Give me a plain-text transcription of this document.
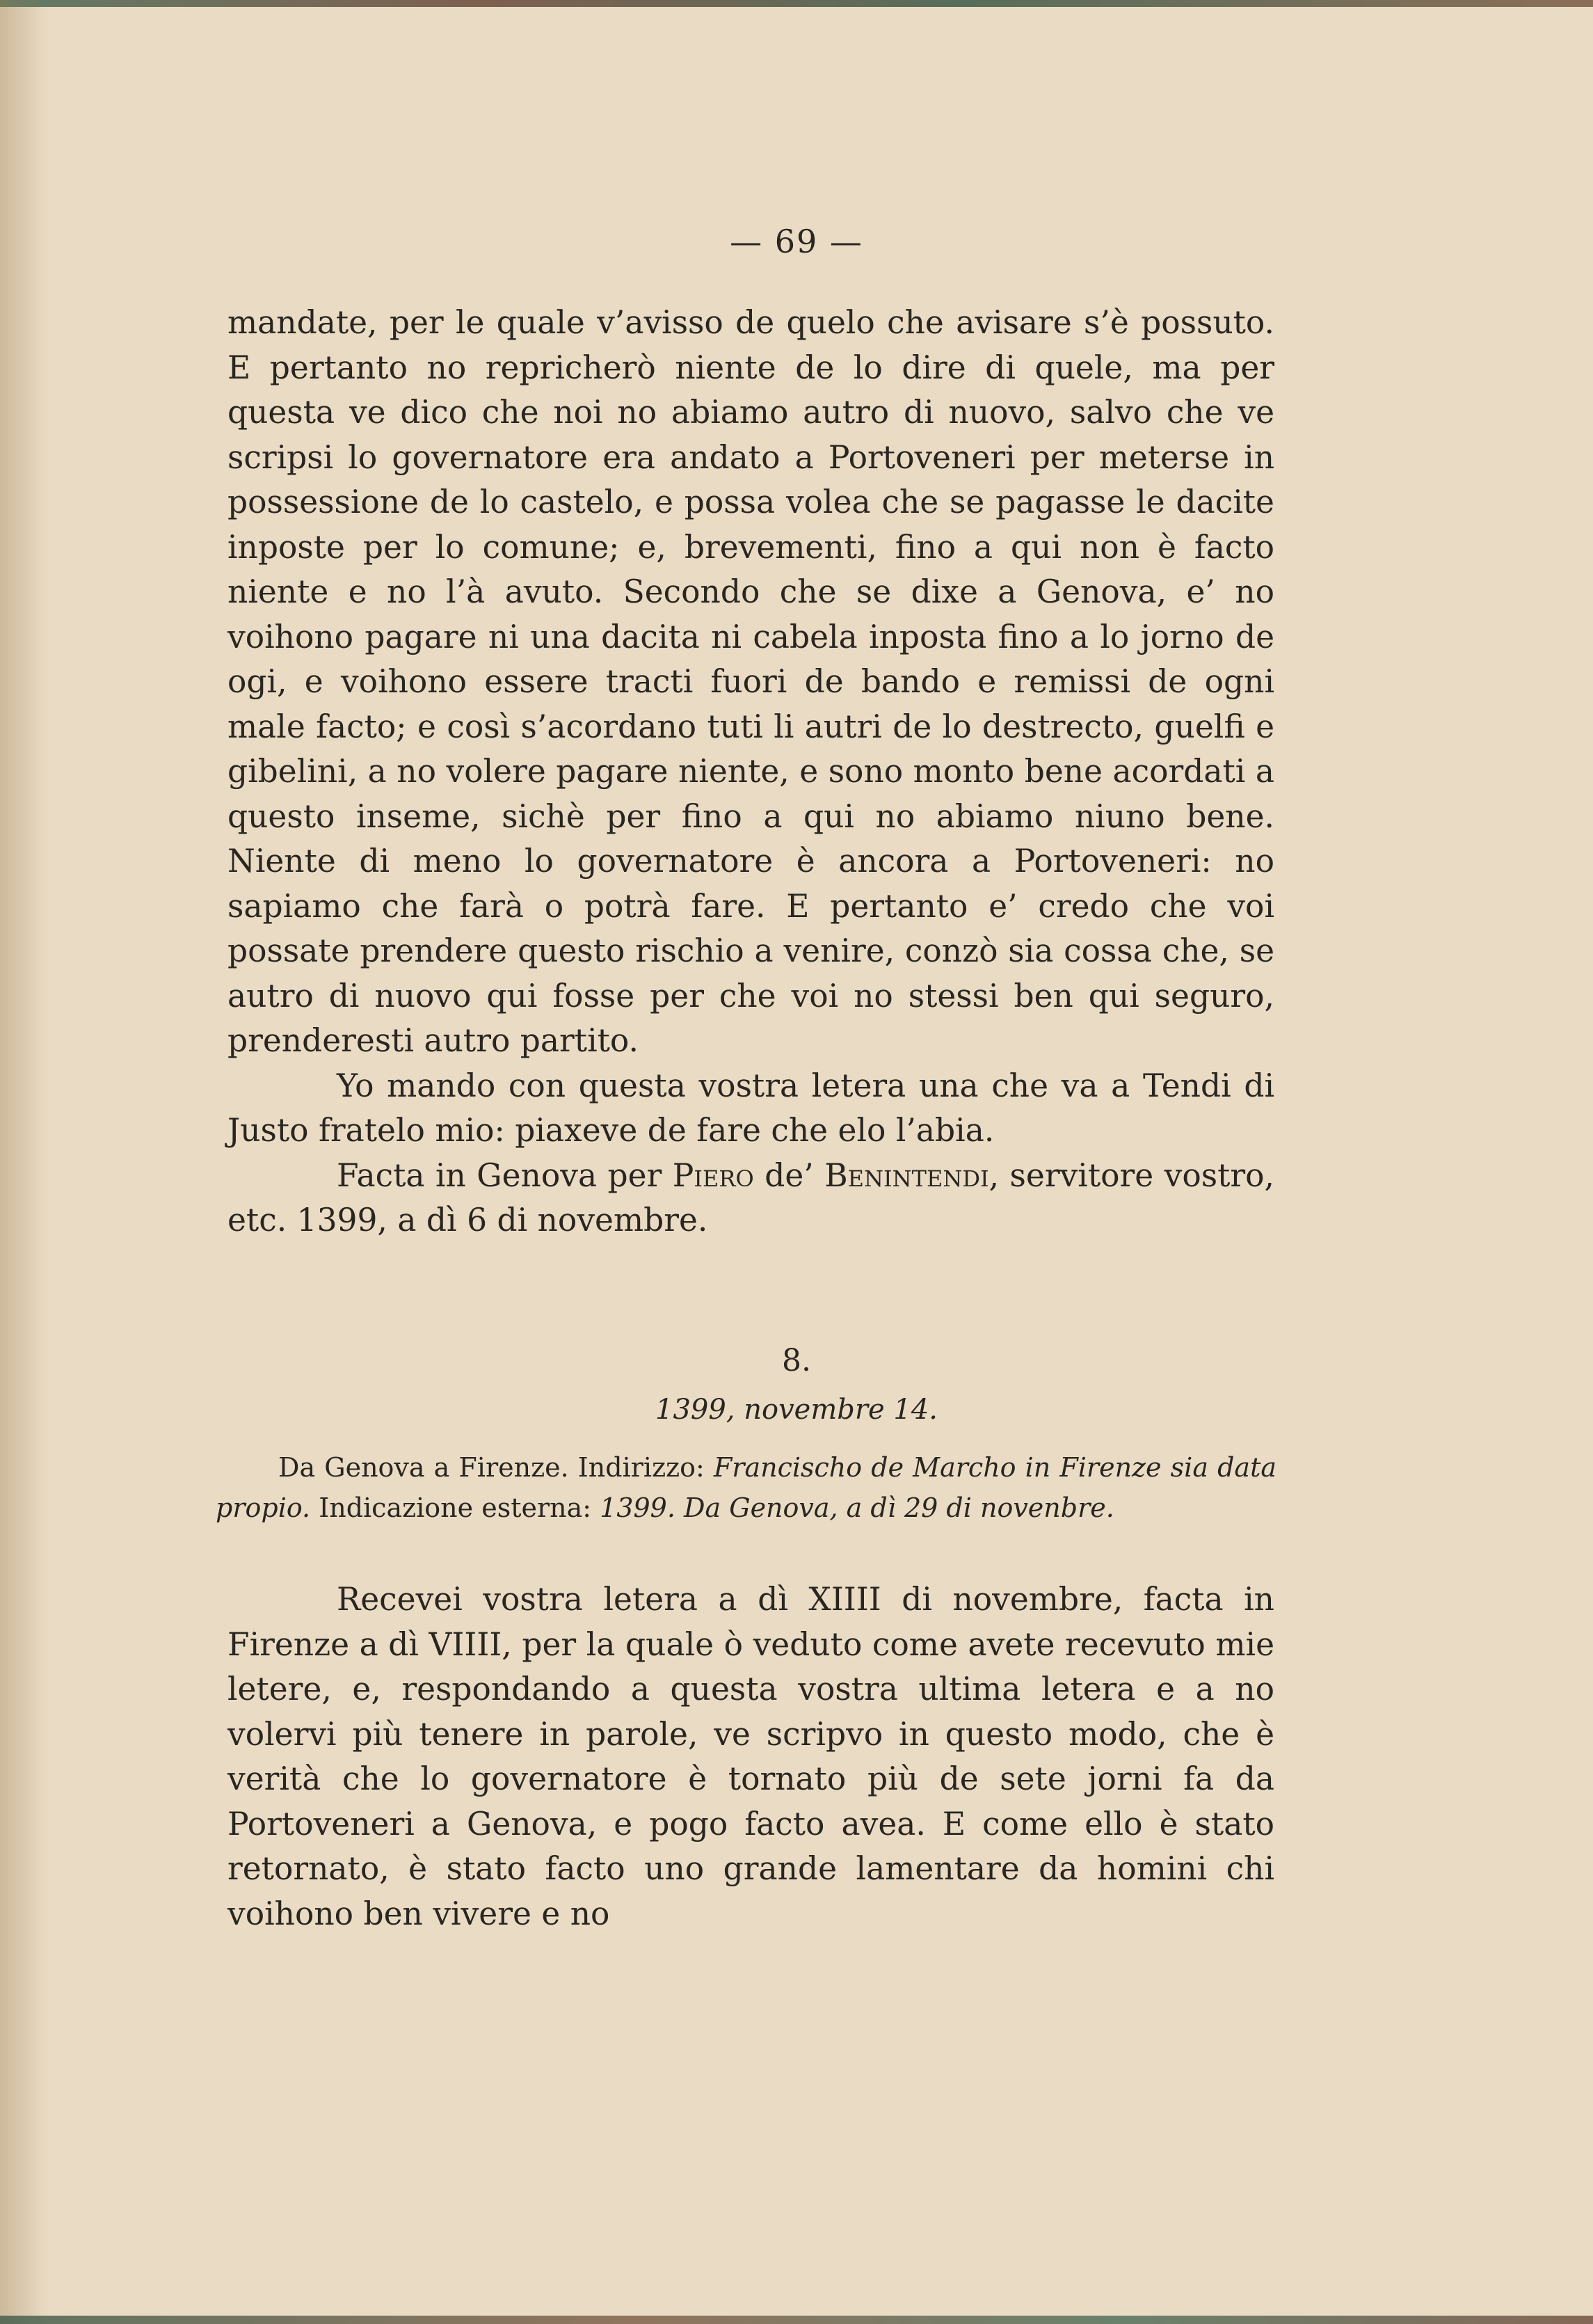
— 69 —

mandate, per le quale v’avisso de quelo che avisare s’è possuto. E pertanto no repricherò niente de lo dire di quele, ma per questa ve dico che noi no abiamo autro di nuovo, salvo che ve scripsi lo governatore era andato a Portoveneri per meterse in possessione de lo castelo, e possa volea che se pagasse le dacite inposte per lo comune; e, brevementi, fino a qui non è facto niente e no l’à avuto. Secondo che se dixe a Genova, e’ no voihono pagare ni una dacita ni cabela inposta fino a lo jorno de ogi, e voihono essere tracti fuori de bando e remissi de ogni male facto; e così s’acordano tuti li autri de lo destrecto, guelfi e gibelini, a no volere pagare niente, e sono monto bene acordati a questo inseme, sichè per fino a qui no abiamo niuno bene. Niente di meno lo governatore è ancora a Portoveneri: no sapiamo che farà o potrà fare. E pertanto e’ credo che voi possate prendere questo rischio a venire, conzò sia cossa che, se autro di nuovo qui fosse per che voi no stessi ben qui seguro, prenderesti autro partito.

Yo mando con questa vostra letera una che va a Tendi di Justo fratelo mio: piaxeve de fare che elo l’abia.

Facta in Genova per Piero de’ Benintendi, servitore vostro, etc. 1399, a dì 6 di novembre.

8.
1399, novembre 14.

Da Genova a Firenze. Indirizzo: Francischo de Marcho in Firenze sia data propio. Indicazione esterna: 1399. Da Genova, a dì 29 di novenbre.

Recevei vostra letera a dì XIIII di novembre, facta in Firenze a dì VIIII, per la quale ò veduto come avete recevuto mie letere, e, respondando a questa vostra ultima letera e a no volervi più tenere in parole, ve scripvo in questo modo, che è verità che lo governatore è tornato più de sete jorni fa da Portoveneri a Genova, e pogo facto avea. E come ello è stato retornato, è stato facto uno grande lamentare da homini chi voihono ben vivere e no
